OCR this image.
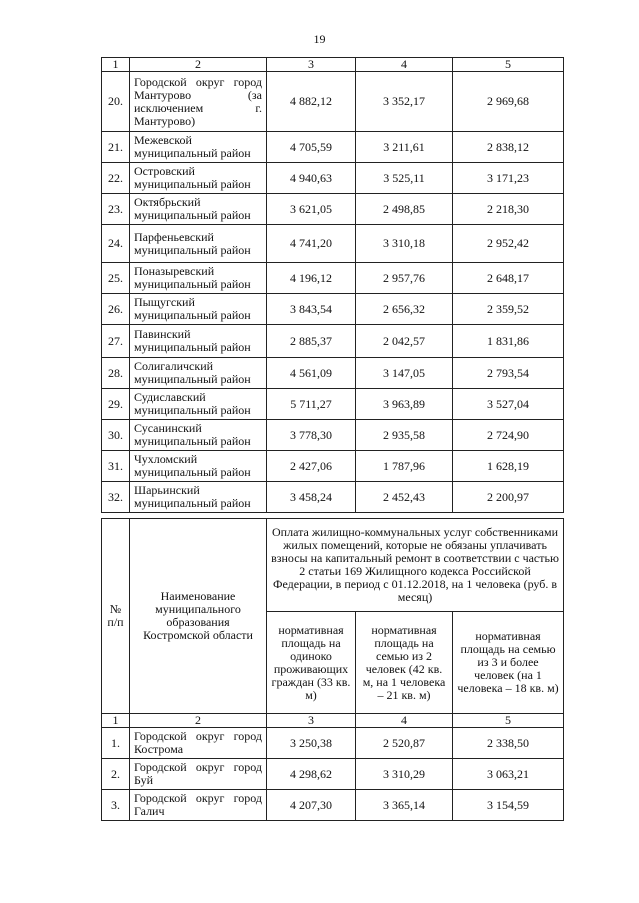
19
1	2	3	4	5
20.	Городской округ город Мантурово (за исключением г. Мантурово)	4 882,12	3 352,17	2 969,68
21.	Межевской муниципальный район	4 705,59	3 211,61	2 838,12
22.	Островский муниципальный район	4 940,63	3 525,11	3 171,23
23.	Октябрьский муниципальный район	3 621,05	2 498,85	2 218,30
24.	Парфеньевский муниципальный район	4 741,20	3 310,18	2 952,42
25.	Поназыревский муниципальный район	4 196,12	2 957,76	2 648,17
26.	Пыщугский муниципальный район	3 843,54	2 656,32	2 359,52
27.	Павинский муниципальный район	2 885,37	2 042,57	1 831,86
28.	Солигаличский муниципальный район	4 561,09	3 147,05	2 793,54
29.	Судиславский муниципальный район	5 711,27	3 963,89	3 527,04
30.	Сусанинский муниципальный район	3 778,30	2 935,58	2 724,90
31.	Чухломский муниципальный район	2 427,06	1 787,96	1 628,19
32.	Шарьинский муниципальный район	3 458,24	2 452,43	2 200,97
№ п/п	Наименование муниципального образования Костромской области	Оплата жилищно-коммунальных услуг собственниками жилых помещений, которые не обязаны уплачивать взносы на капитальный ремонт в соответствии с частью 2 статьи 169 Жилищного кодекса Российской Федерации, в период с 01.12.2018, на 1 человека (руб. в месяц)		
		нормативная площадь на одиноко проживающих граждан (33 кв. м)	нормативная площадь на семью из 2 человек (42 кв. м, на 1 человека – 21 кв. м)	нормативная площадь на семью из 3 и более человек (на 1 человека – 18 кв. м)
1	2	3	4	5
1.	Городской округ город Кострома	3 250,38	2 520,87	2 338,50
2.	Городской округ город Буй	4 298,62	3 310,29	3 063,21
3.	Городской округ город Галич	4 207,30	3 365,14	3 154,59
